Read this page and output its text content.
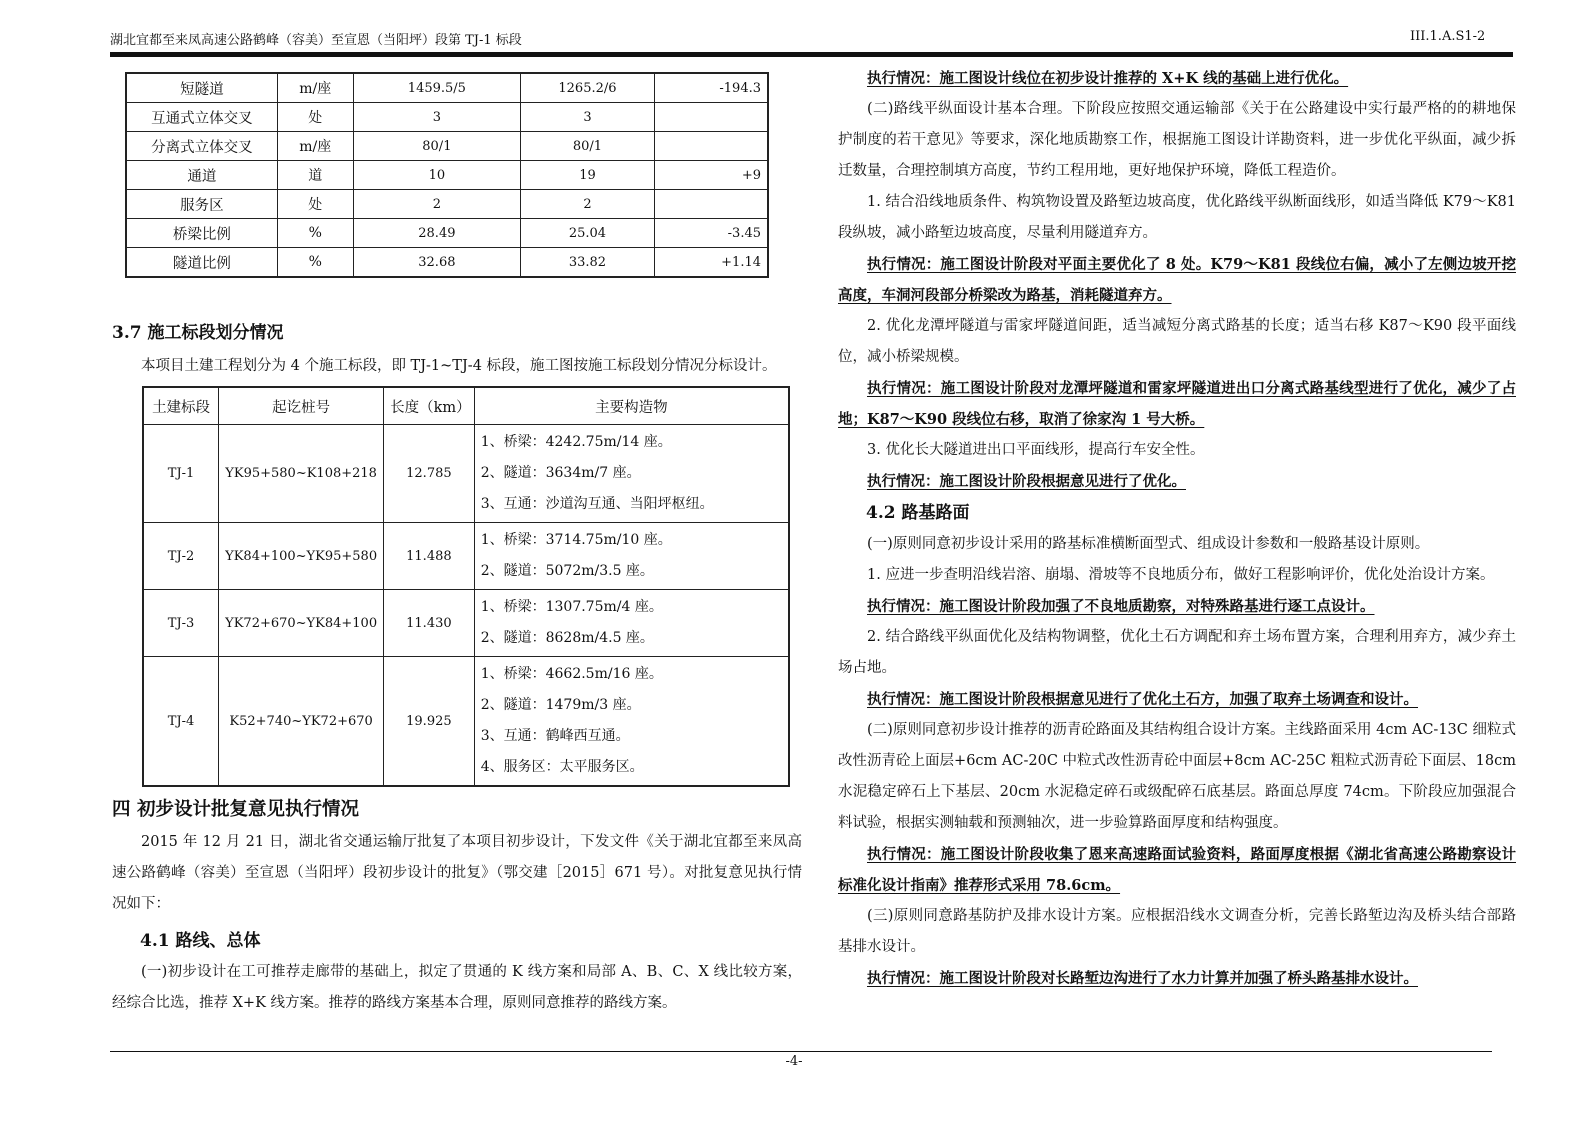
湖北宜都至来凤高速公路鹤峰（容美）至宣恩（当阳坪）段第 TJ-1 标段	III.1.A.S1-2
短隧道	m/座	1459.5/5	1265.2/6	-194.3
互通式立体交叉	处	3	3	
分离式立体交叉	m/座	80/1	80/1	
通道	道	10	19	+9
服务区	处	2	2	
桥梁比例	%	28.49	25.04	-3.45
隧道比例	%	32.68	33.82	+1.14
3.7 施工标段划分情况

本项目土建工程划分为 4 个施工标段，即 TJ-1~TJ-4 标段，施工图按施工标段划分情况分标设计。

土建标段	起讫桩号	长度（km）	主要构造物
TJ-1	YK95+580~K108+218	12.785	1、桥梁：4242.75m/14 座。
2、隧道：3634m/7 座。
3、互通：沙道沟互通、当阳坪枢纽。

TJ-2	YK84+100~YK95+580	11.488	1、桥梁：3714.75m/10 座。
2、隧道：5072m/3.5 座。

TJ-3	YK72+670~YK84+100	11.430	1、桥梁：1307.75m/4 座。
2、隧道：8628m/4.5 座。

TJ-4	K52+740~YK72+670	19.925	1、桥梁：4662.5m/16 座。
2、隧道：1479m/3 座。
3、互通：鹤峰西互通。
4、服务区：太平服务区。
四 初步设计批复意见执行情况

2015 年 12 月 21 日，湖北省交通运输厅批复了本项目初步设计，下发文件《关于湖北宜都至来凤高速公路鹤峰（容美）至宣恩（当阳坪）段初步设计的批复》（鄂交建［2015］671 号）。对批复意见执行情况如下：

4.1 路线、总体

(一)初步设计在工可推荐走廊带的基础上，拟定了贯通的 K 线方案和局部 A、B、C、X 线比较方案，经综合比选，推荐 X+K 线方案。推荐的路线方案基本合理，原则同意推荐的路线方案。

执行情况：施工图设计线位在初步设计推荐的 X+K 线的基础上进行优化。

(二)路线平纵面设计基本合理。下阶段应按照交通运输部《关于在公路建设中实行最严格的的耕地保护制度的若干意见》等要求，深化地质勘察工作，根据施工图设计详勘资料，进一步优化平纵面，减少拆迁数量，合理控制填方高度，节约工程用地，更好地保护环境，降低工程造价。

1. 结合沿线地质条件、构筑物设置及路堑边坡高度，优化路线平纵断面线形，如适当降低 K79～K81 段纵坡，减小路堑边坡高度，尽量利用隧道弃方。

执行情况：施工图设计阶段对平面主要优化了 8 处。K79～K81 段线位右偏，减小了左侧边坡开挖高度，车洞河段部分桥梁改为路基，消耗隧道弃方。

2. 优化龙潭坪隧道与雷家坪隧道间距，适当减短分离式路基的长度；适当右移 K87～K90 段平面线位，减小桥梁规模。

执行情况：施工图设计阶段对龙潭坪隧道和雷家坪隧道进出口分离式路基线型进行了优化，减少了占地；K87～K90 段线位右移，取消了徐家沟 1 号大桥。

3. 优化长大隧道进出口平面线形，提高行车安全性。

执行情况：施工图设计阶段根据意见进行了优化。

4.2 路基路面

(一)原则同意初步设计采用的路基标准横断面型式、组成设计参数和一般路基设计原则。

1. 应进一步查明沿线岩溶、崩塌、滑坡等不良地质分布，做好工程影响评价，优化处治设计方案。

执行情况：施工图设计阶段加强了不良地质勘察，对特殊路基进行逐工点设计。

2. 结合路线平纵面优化及结构物调整，优化土石方调配和弃土场布置方案，合理利用弃方，减少弃土场占地。

执行情况：施工图设计阶段根据意见进行了优化土石方，加强了取弃土场调查和设计。

(二)原则同意初步设计推荐的沥青砼路面及其结构组合设计方案。主线路面采用 4cm AC-13C 细粒式改性沥青砼上面层+6cm AC-20C 中粒式改性沥青砼中面层+8cm AC-25C 粗粒式沥青砼下面层、18cm 水泥稳定碎石上下基层、20cm 水泥稳定碎石或级配碎石底基层。路面总厚度 74cm。下阶段应加强混合料试验，根据实测轴载和预测轴次，进一步验算路面厚度和结构强度。

执行情况：施工图设计阶段收集了恩来高速路面试验资料，路面厚度根据《湖北省高速公路勘察设计标准化设计指南》推荐形式采用 78.6cm。

(三)原则同意路基防护及排水设计方案。应根据沿线水文调查分析，完善长路堑边沟及桥头结合部路基排水设计。

执行情况：施工图设计阶段对长路堑边沟进行了水力计算并加强了桥头路基排水设计。

-4-
